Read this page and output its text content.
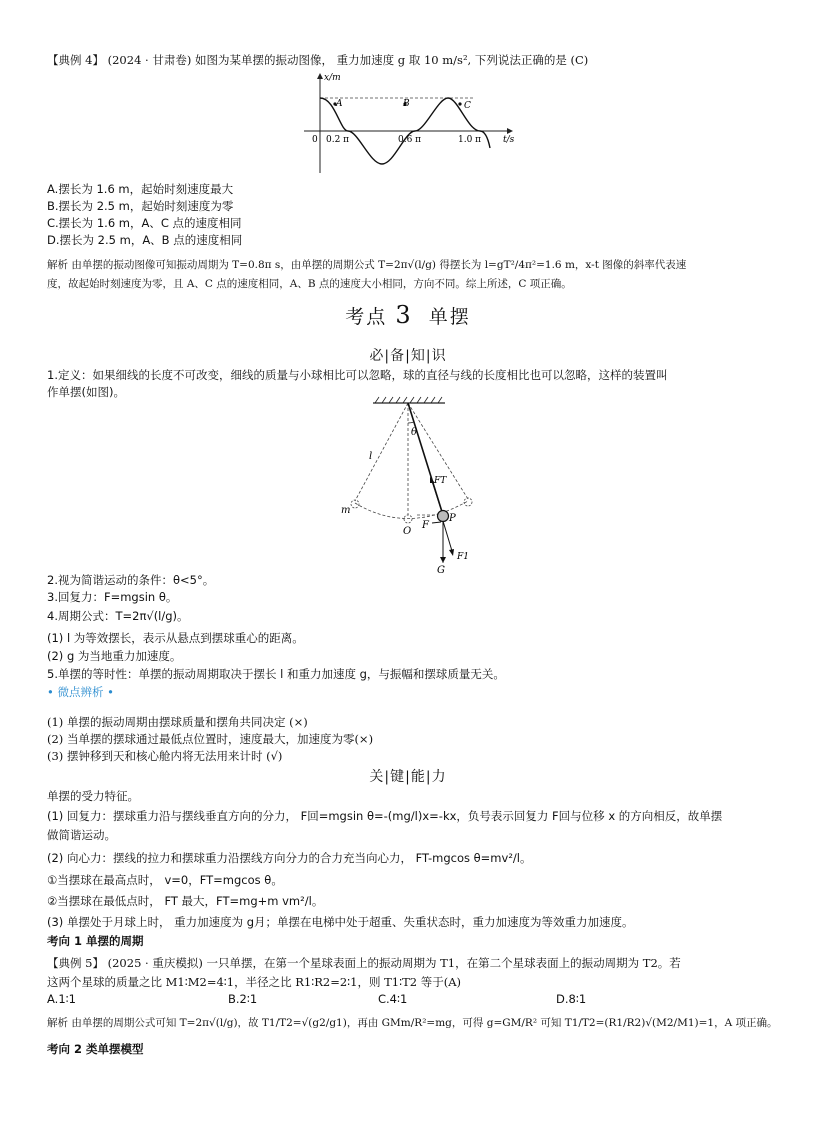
【典例 4】 (2024 · 甘肃卷) 如图为某单摆的振动图像， 重力加速度 g 取 10 m/s², 下列说法正确的是 (C)
x/m
t/s
0 0.2 π	0.6 π	1.0 π
A	B	C
A.摆长为 1.6 m，起始时刻速度最大
B.摆长为 2.5 m，起始时刻速度为零
C.摆长为 1.6 m，A、C 点的速度相同
D.摆长为 2.5 m，A、B 点的速度相同
解析 由单摆的振动图像可知振动周期为 T=0.8π s，由单摆的周期公式 T=2π√(l/g) 得摆长为 l=gT²/4π²=1.6 m，x-t 图像的斜率代表速
度，故起始时刻速度为零，且 A、C 点的速度相同，A、B 点的速度大小相同，方向不同。综上所述，C 项正确。
考点 3 单摆
必|备|知|识
1.定义：如果细线的长度不可改变，细线的质量与小球相比可以忽略，球的直径与线的长度相比也可以忽略，这样的装置叫
作单摆(如图)。
θ
l
FT
m
O
F
P
F1
G
2.视为简谐运动的条件：θ<5°。
3.回复力：F=mgsin θ。
4.周期公式：T=2π√(l/g)。
(1) l 为等效摆长，表示从悬点到摆球重心的距离。
(2) g 为当地重力加速度。
5.单摆的等时性：单摆的振动周期取决于摆长 l 和重力加速度 g，与振幅和摆球质量无关。
• 微点辨析 •
(1) 单摆的振动周期由摆球质量和摆角共同决定 (×)
(2) 当单摆的摆球通过最低点位置时，速度最大，加速度为零(×)
(3) 摆钟移到天和核心舱内将无法用来计时 (√)
关|键|能|力
单摆的受力特征。
(1) 回复力：摆球重力沿与摆线垂直方向的分力， F回=mgsin θ=-(mg/l)x=-kx，负号表示回复力 F回与位移 x 的方向相反，故单摆
做简谐运动。
(2) 向心力：摆线的拉力和摆球重力沿摆线方向分力的合力充当向心力， FT-mgcos θ=mv²/l。
①当摆球在最高点时， v=0，FT=mgcos θ。
②当摆球在最低点时， FT 最大，FT=mg+m vm²/l。
(3) 单摆处于月球上时， 重力加速度为 g月；单摆在电梯中处于超重、失重状态时，重力加速度为等效重力加速度。
考向 1 单摆的周期
【典例 5】 (2025 · 重庆模拟) 一只单摆，在第一个星球表面上的振动周期为 T1，在第二个星球表面上的振动周期为 T2。若
这两个星球的质量之比 M1∶M2=4∶1，半径之比 R1∶R2=2∶1，则 T1∶T2 等于(A)
A.1∶1	B.2∶1	C.4∶1	D.8∶1
解析 由单摆的周期公式可知 T=2π√(l/g)，故 T1/T2=√(g2/g1)，再由 GMm/R²=mg，可得 g=GM/R² 可知 T1/T2=(R1/R2)√(M2/M1)=1，A 项正确。
考向 2 类单摆模型
